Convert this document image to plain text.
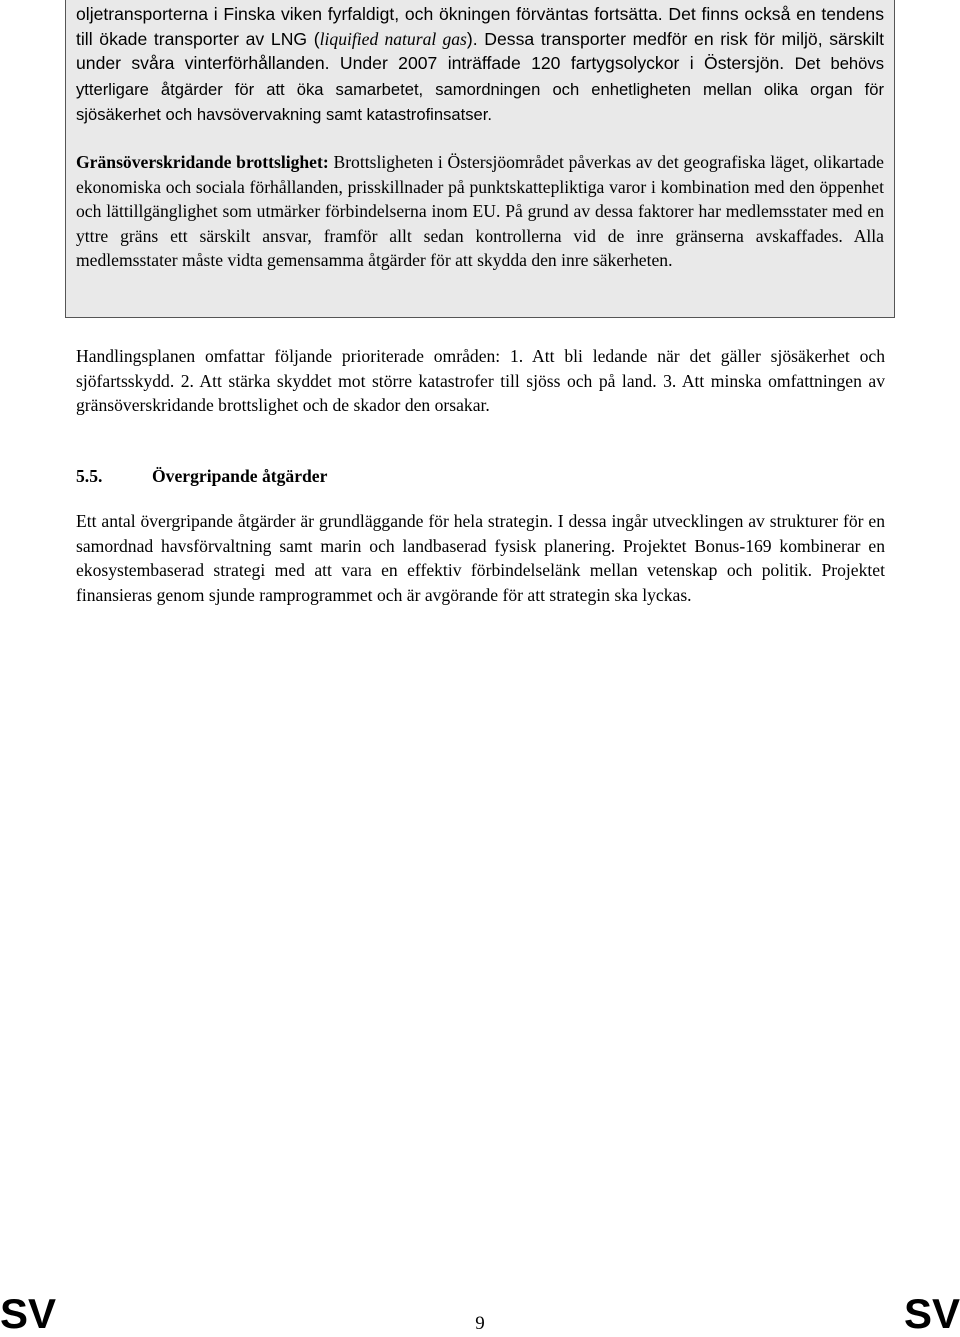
oljetransporterna i Finska viken fyrfaldigt, och ökningen förväntas fortsätta. Det finns också en tendens till ökade transporter av LNG (liquified natural gas). Dessa transporter medför en risk för miljö, särskilt under svåra vinterförhållanden. Under 2007 inträffade 120 fartygsolyckor i Östersjön. Det behövs ytterligare åtgärder för att öka samarbetet, samordningen och enhetligheten mellan olika organ för sjösäkerhet och havsövervakning samt katastrofinsatser.

Gränsöverskridande brottslighet: Brottsligheten i Östersjöområdet påverkas av det geografiska läget, olikartade ekonomiska och sociala förhållanden, prisskillnader på punktskattepliktiga varor i kombination med den öppenhet och lättillgänglighet som utmärker förbindelserna inom EU. På grund av dessa faktorer har medlemsstater med en yttre gräns ett särskilt ansvar, framför allt sedan kontrollerna vid de inre gränserna avskaffades. Alla medlemsstater måste vidta gemensamma åtgärder för att skydda den inre säkerheten.

Handlingsplanen omfattar följande prioriterade områden: 1. Att bli ledande när det gäller sjösäkerhet och sjöfartsskydd. 2. Att stärka skyddet mot större katastrofer till sjöss och på land. 3. Att minska omfattningen av gränsöverskridande brottslighet och de skador den orsakar.

5.5.	Övergripande åtgärder

Ett antal övergripande åtgärder är grundläggande för hela strategin. I dessa ingår utvecklingen av strukturer för en samordnad havsförvaltning samt marin och landbaserad fysisk planering. Projektet Bonus-169 kombinerar en ekosystembaserad strategi med att vara en effektiv förbindelselänk mellan vetenskap och politik. Projektet finansieras genom sjunde ramprogrammet och är avgörande för att strategin ska lyckas.

SV	9	SV
